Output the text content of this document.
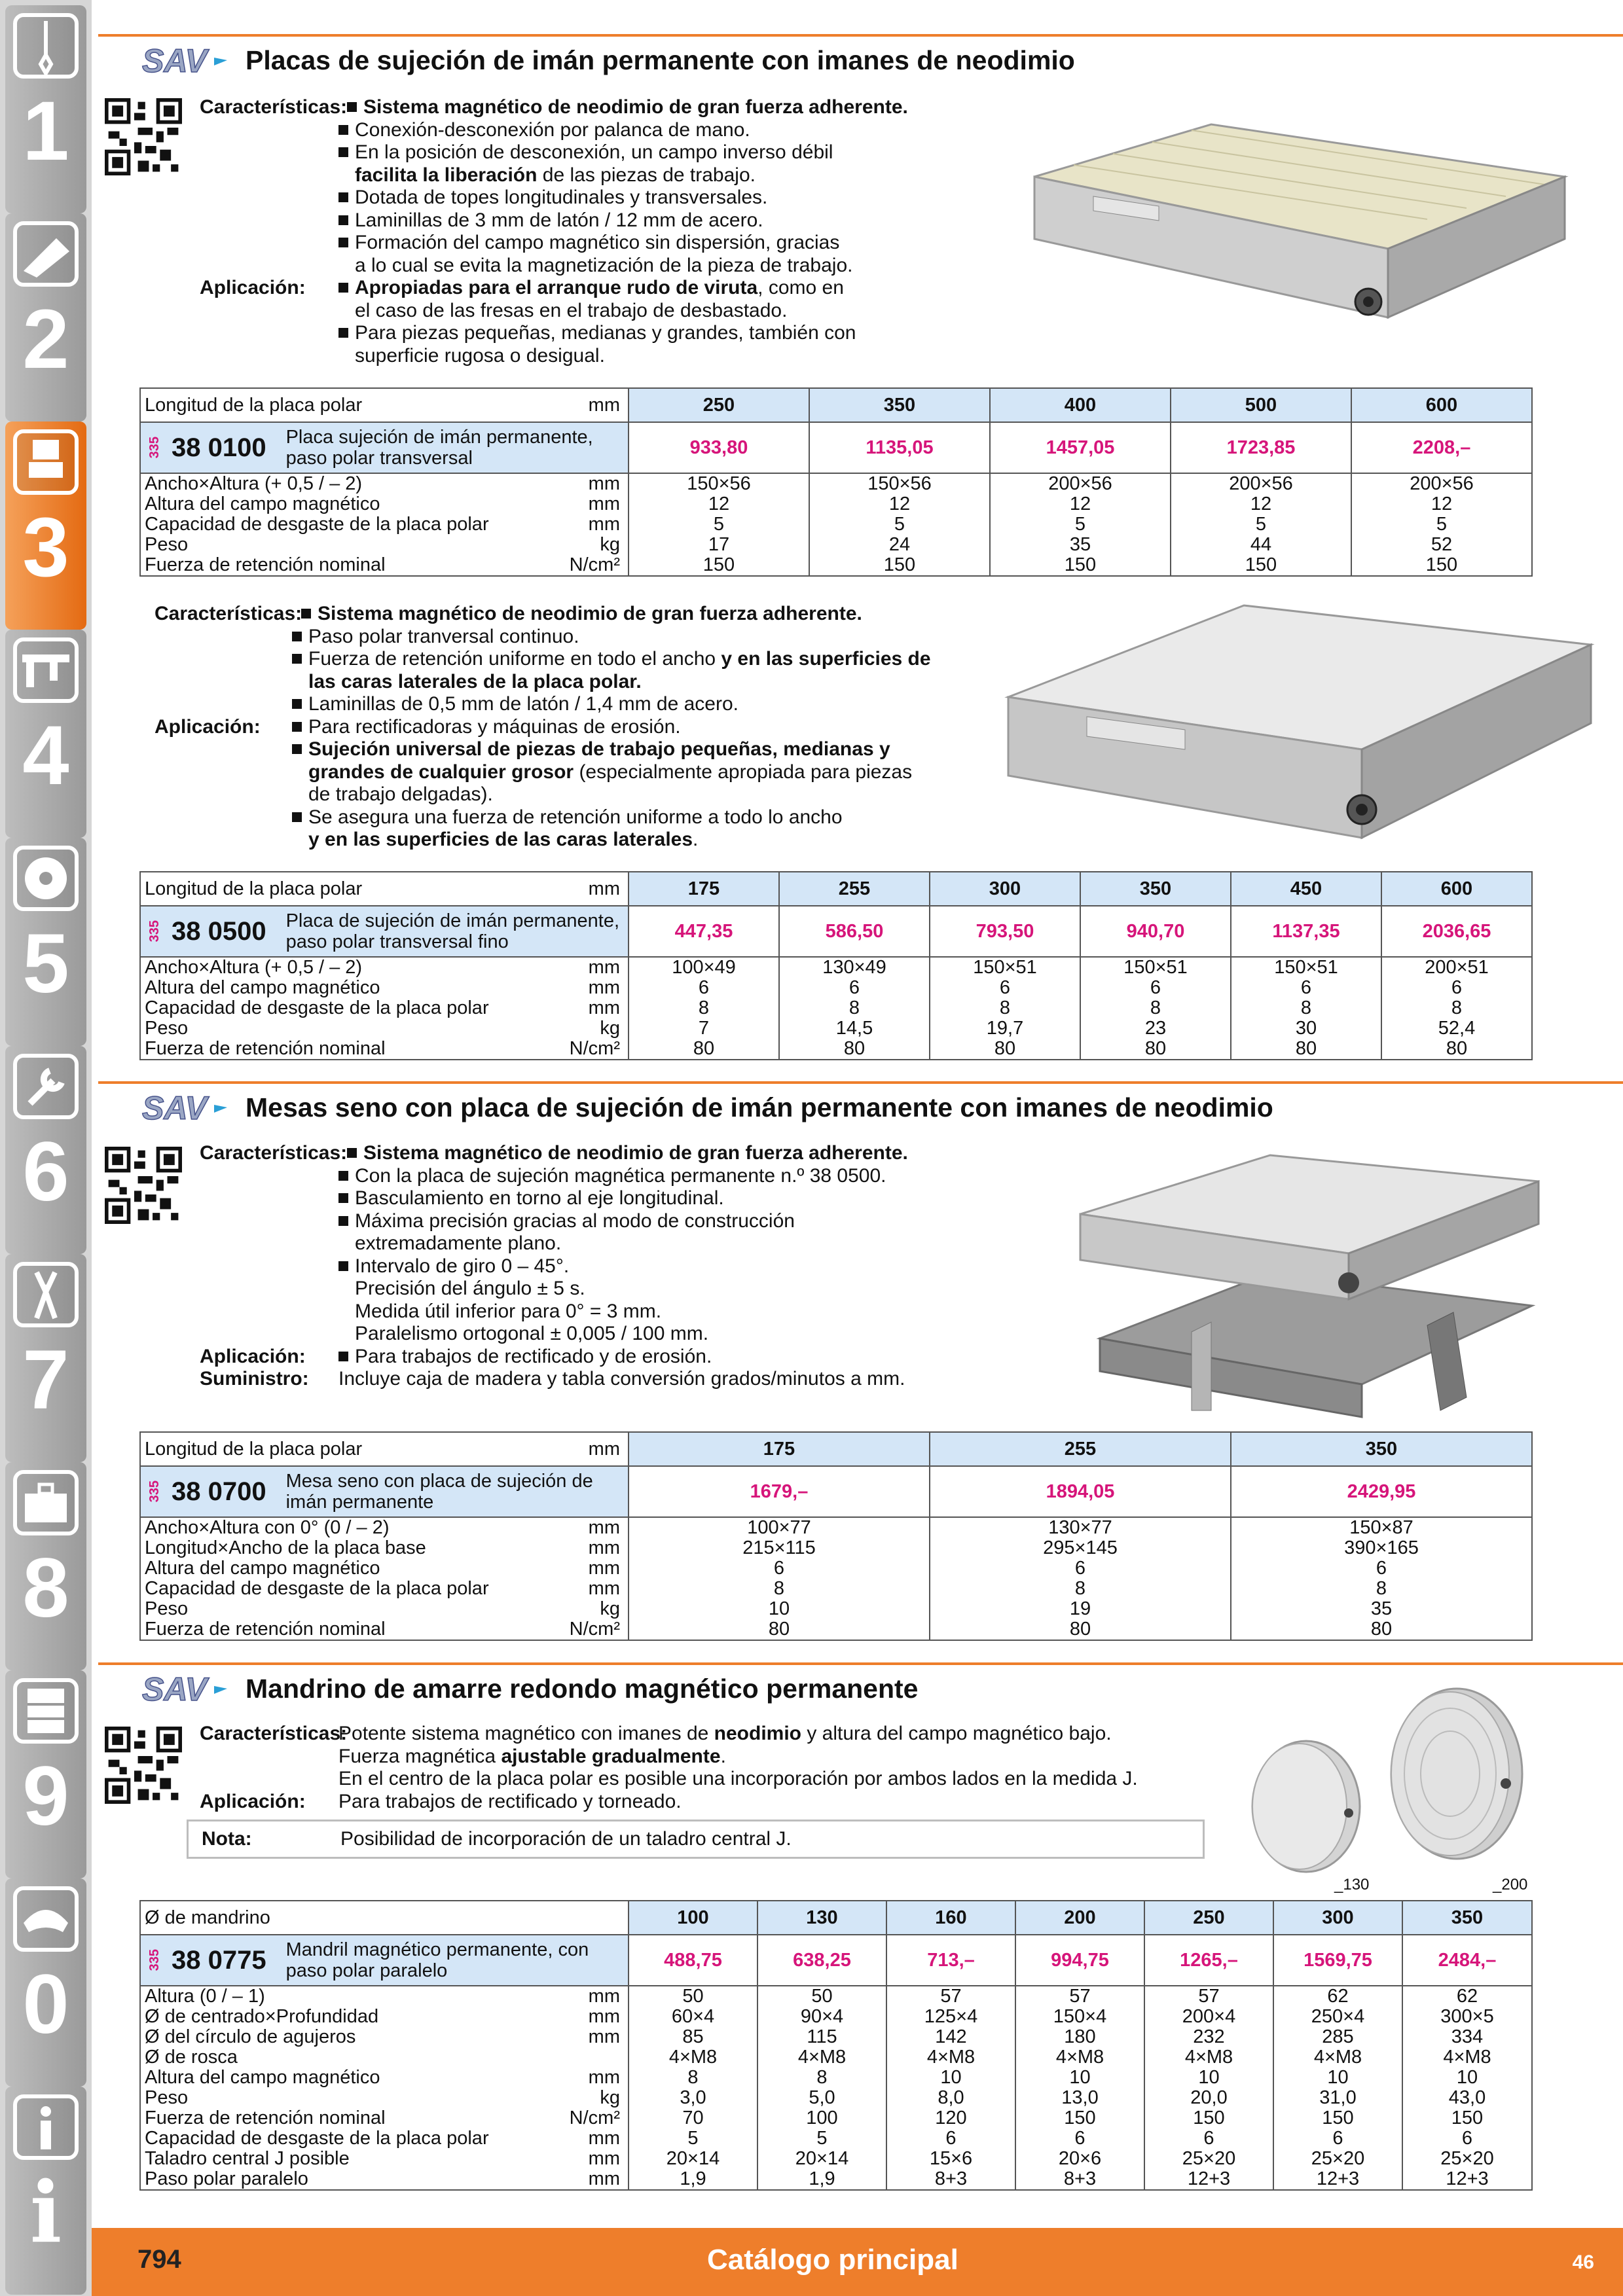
1
2
3
4
5
6
7
8
9
0
i
SAV Placas de sujeción de imán permanente con imanes de neodimio
Características: Sistema magnético de neodimio de gran fuerza adherente.
Conexión-desconexión por palanca de mano.
En la posición de desconexión, un campo inverso débil
facilita la liberación de las piezas de trabajo.
Dotada de topes longitudinales y transversales.
Laminillas de 3 mm de latón / 12 mm de acero.
Formación del campo magnético sin dispersión, gracias
a lo cual se evita la magnetización de la pieza de trabajo.
Aplicación:	Apropiadas para el arranque rudo de viruta, como en
el caso de las fresas en el trabajo de desbastado.
Para piezas pequeñas, medianas y grandes, también con
superficie rugosa o desigual.
Longitud de la placa polar mm	250	350	400	500	600

335 38 0100 Placa sujeción de imán permanente, paso polar transversal	933,80	1135,05	1457,05	1723,85	2208,–

Ancho×Altura (+ 0,5 / – 2) mm	150×56	150×56	200×56	200×56	200×56

Altura del campo magnético mm	12	12	12	12	12

Capacidad de desgaste de la placa polar mm	5	5	5	5	5

Peso kg	17	24	35	44	52

Fuerza de retención nominal N/cm²	150	150	150	150	150
Características: Sistema magnético de neodimio de gran fuerza adherente.
Paso polar tranversal continuo.
Fuerza de retención uniforme en todo el ancho y en las superficies de
las caras laterales de la placa polar.
Laminillas de 0,5 mm de latón / 1,4 mm de acero.
Aplicación:	Para rectificadoras y máquinas de erosión.
Sujeción universal de piezas de trabajo pequeñas, medianas y
grandes de cualquier grosor (especialmente apropiada para piezas
de trabajo delgadas).
Se asegura una fuerza de retención uniforme a todo lo ancho
y en las superficies de las caras laterales.
Longitud de la placa polar mm	175	255	300	350	450	600

335 38 0500 Placa de sujeción de imán permanente, paso polar transversal fino	447,35	586,50	793,50	940,70	1137,35	2036,65

Ancho×Altura (+ 0,5 / – 2) mm	100×49	130×49	150×51	150×51	150×51	200×51

Altura del campo magnético mm	6	6	6	6	6	6

Capacidad de desgaste de la placa polar mm	8	8	8	8	8	8

Peso kg	7	14,5	19,7	23	30	52,4

Fuerza de retención nominal N/cm²	80	80	80	80	80	80
SAV Mesas seno con placa de sujeción de imán permanente con imanes de neodimio
Características: Sistema magnético de neodimio de gran fuerza adherente.
Con la placa de sujeción magnética permanente n.º 38 0500.
Basculamiento en torno al eje longitudinal.
Máxima precisión gracias al modo de construcción
extremadamente plano.
Intervalo de giro 0 – 45°.
Precisión del ángulo ± 5 s.
Medida útil inferior para 0° = 3 mm.
Paralelismo ortogonal ± 0,005 / 100 mm.
Aplicación:	Para trabajos de rectificado y de erosión.
Suministro: Incluye caja de madera y tabla conversión grados/minutos a mm.
Longitud de la placa polar mm	175	255	350

335 38 0700 Mesa seno con placa de sujeción de imán permanente	1679,–	1894,05	2429,95

Ancho×Altura con 0° (0 / – 2) mm	100×77	130×77	150×87

Longitud×Ancho de la placa base mm	215×115	295×145	390×165

Altura del campo magnético mm	6	6	6

Capacidad de desgaste de la placa polar mm	8	8	8

Peso kg	10	19	35

Fuerza de retención nominal N/cm²	80	80	80
SAV Mandrino de amarre redondo magnético permanente
Características:
Potente sistema magnético con imanes de neodimio y altura del campo magnético bajo.
Fuerza magnética ajustable gradualmente.
En el centro de la placa polar es posible una incorporación por ambos lados en la medida J.
Aplicación: Para trabajos de rectificado y torneado.
Nota:	Posibilidad de incorporación de un taladro central J.
_130	_200
Ø de mandrino	100	130	160	200	250	300	350

335 38 0775 Mandril magnético permanente, con paso polar paralelo	488,75	638,25	713,–	994,75	1265,–	1569,75	2484,–

Altura (0 / – 1) mm	50	50	57	57	57	62	62

Ø de centrado×Profundidad mm	60×4	90×4	125×4	150×4	200×4	250×4	300×5

Ø del círculo de agujeros mm	85	115	142	180	232	285	334

Ø de rosca	4×M8	4×M8	4×M8	4×M8	4×M8	4×M8	4×M8

Altura del campo magnético mm	8	8	10	10	10	10	10

Peso kg	3,0	5,0	8,0	13,0	20,0	31,0	43,0

Fuerza de retención nominal N/cm²	70	100	120	150	150	150	150

Capacidad de desgaste de la placa polar mm	5	5	6	6	6	6	6

Taladro central J posible mm	20×14	20×14	15×6	20×6	25×20	25×20	25×20

Paso polar paralelo mm	1,9	1,9	8+3	8+3	12+3	12+3	12+3
794	Catálogo principal	46
